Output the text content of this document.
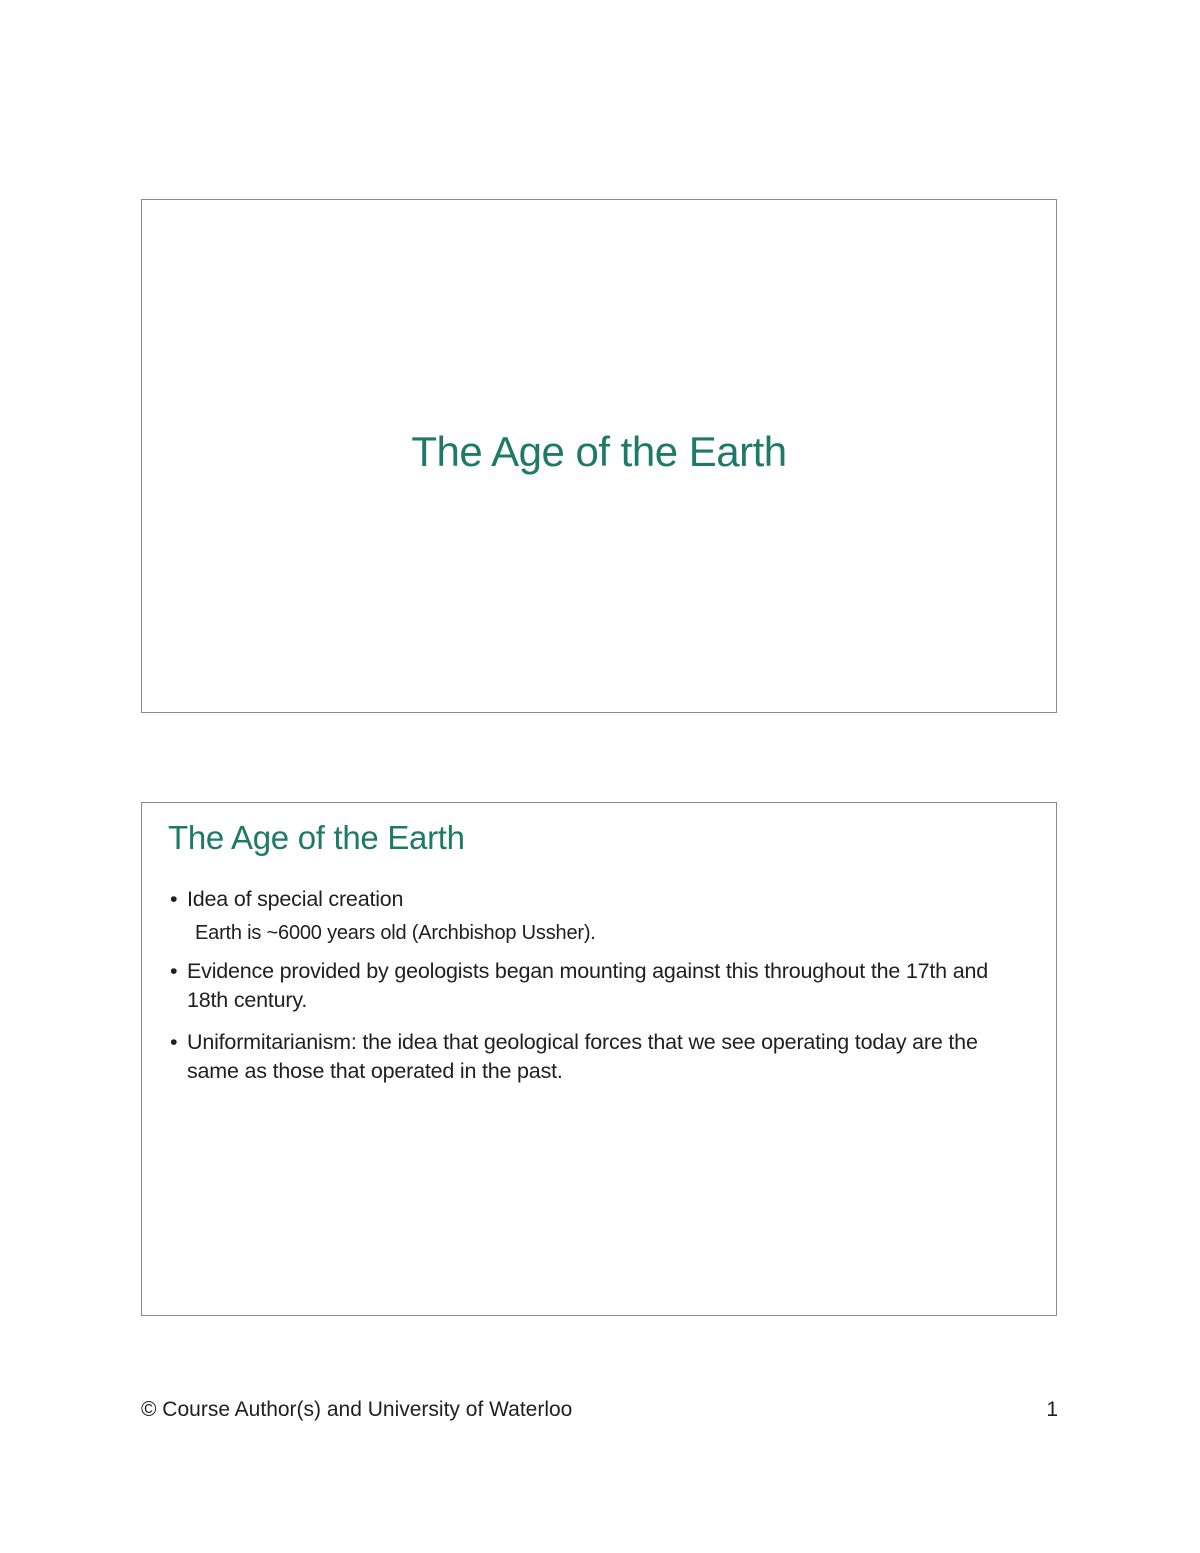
The Age of the Earth
The Age of the Earth
• Idea of special creation
Earth is ~6000 years old (Archbishop Ussher).
• Evidence provided by geologists began mounting against this throughout the 17th and 18th century.
• Uniformitarianism: the idea that geological forces that we see operating today are the same as those that operated in the past.
© Course Author(s) and University of Waterloo	1
